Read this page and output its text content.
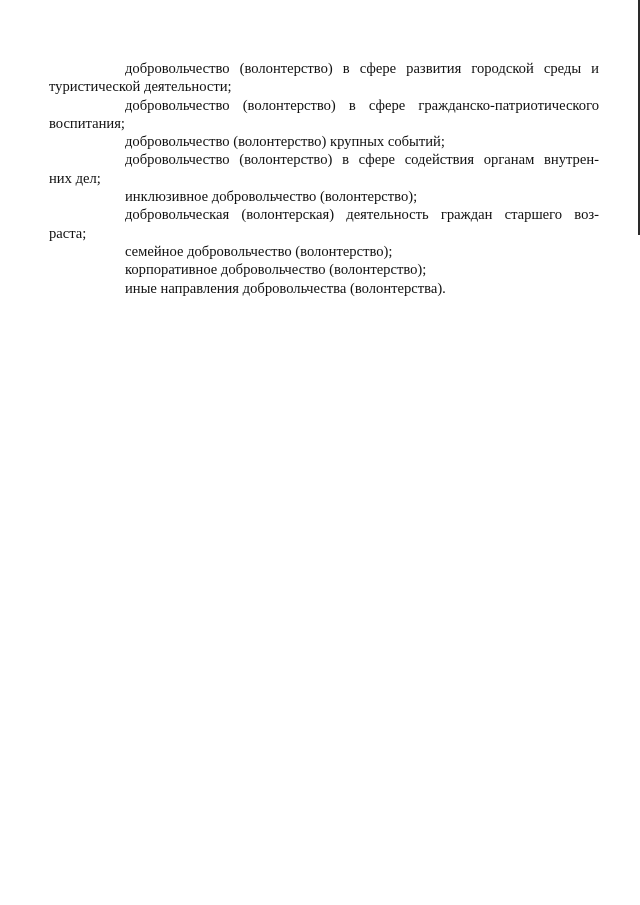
добровольчество (волонтерство) в сфере развития городской среды и
туристической деятельности;

добровольчество (волонтерство) в сфере гражданско-патриотического
воспитания;

добровольчество (волонтерство) крупных событий;

добровольчество (волонтерство) в сфере содействия органам внутрен-
них дел;

инклюзивное добровольчество (волонтерство);

добровольческая (волонтерская) деятельность граждан старшего воз-
раста;

семейное добровольчество (волонтерство);

корпоративное добровольчество (волонтерство);

иные направления добровольчества (волонтерства).
